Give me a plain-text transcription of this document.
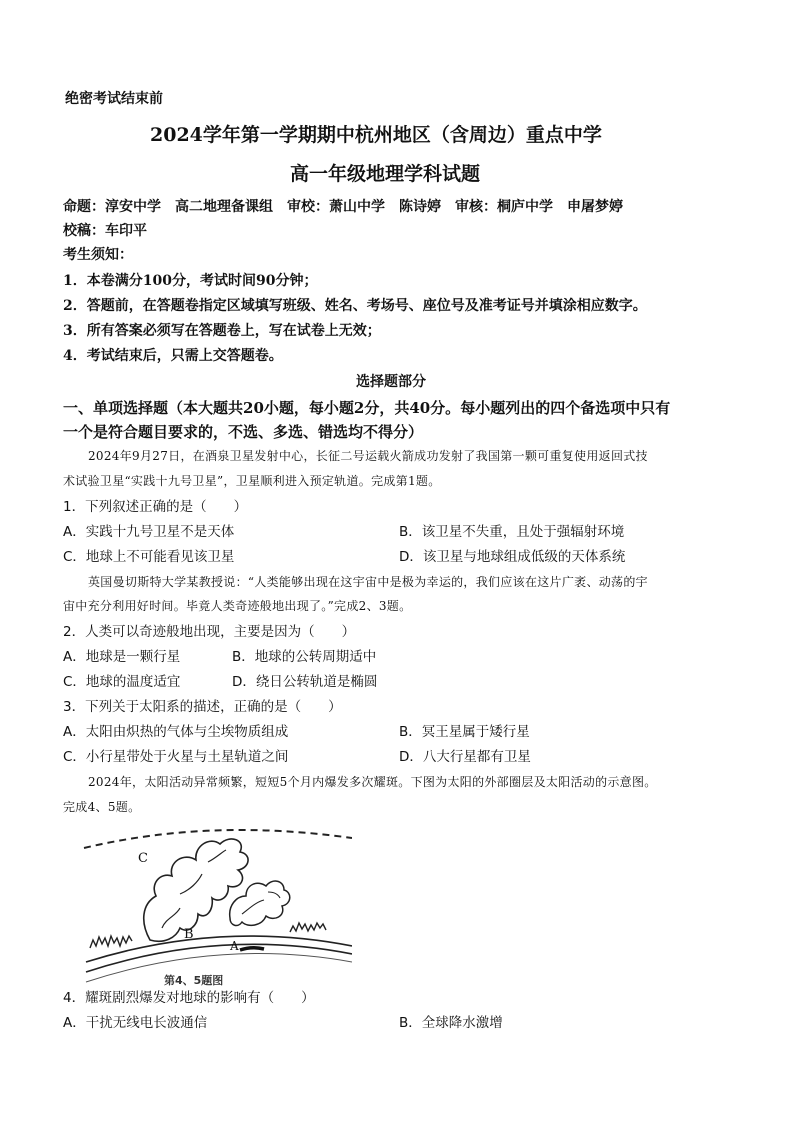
绝密考试结束前
2024学年第一学期期中杭州地区（含周边）重点中学
高一年级地理学科试题
命题：淳安中学　高二地理备课组　审校：萧山中学　陈诗婷　审核：桐庐中学　申屠梦婷
校稿：车印平
考生须知：
1．本卷满分100分，考试时间90分钟；
2．答题前，在答题卷指定区域填写班级、姓名、考场号、座位号及准考证号并填涂相应数字。
3．所有答案必须写在答题卷上，写在试卷上无效；
4．考试结束后，只需上交答题卷。
选择题部分
一、单项选择题（本大题共20小题，每小题2分，共40分。每小题列出的四个备选项中只有
一个是符合题目要求的，不选、多选、错选均不得分）
2024年9月27日，在酒泉卫星发射中心，长征二号运载火箭成功发射了我国第一颗可重复使用返回式技
术试验卫星“实践十九号卫星”，卫星顺利进入预定轨道。完成第1题。
1．下列叙述正确的是（　　）
A．实践十九号卫星不是天体	B．该卫星不失重，且处于强辐射环境
C．地球上不可能看见该卫星	D．该卫星与地球组成低级的天体系统
英国曼切斯特大学某教授说：“人类能够出现在这宇宙中是极为幸运的，我们应该在这片广袤、动荡的宇
宙中充分利用好时间。毕竟人类奇迹般地出现了。”完成2、3题。
2．人类可以奇迹般地出现，主要是因为（　　）
A．地球是一颗行星	B．地球的公转周期适中
C．地球的温度适宜	D．绕日公转轨道是椭圆
3．下列关于太阳系的描述，正确的是（　　）
A．太阳由炽热的气体与尘埃物质组成	B．冥王星属于矮行星
C．小行星带处于火星与土星轨道之间	D．八大行星都有卫星
2024年，太阳活动异常频繁，短短5个月内爆发多次耀斑。下图为太阳的外部圈层及太阳活动的示意图。
完成4、5题。
C
B
A
第4、5题图
4．耀斑剧烈爆发对地球的影响有（　　）
A．干扰无线电长波通信	B．全球降水激增
